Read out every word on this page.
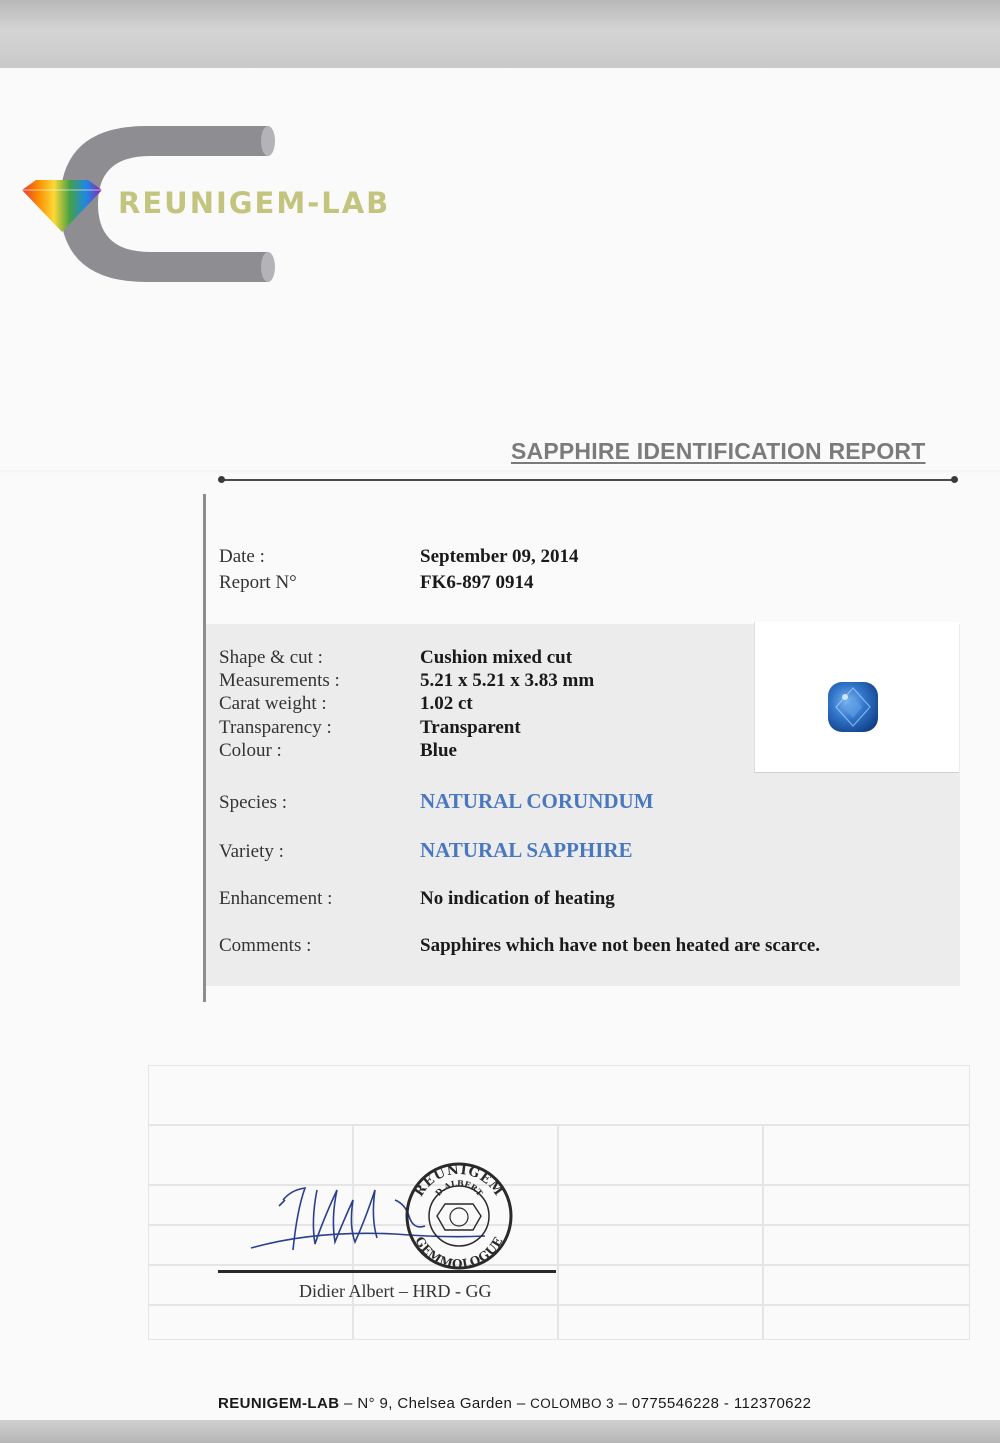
REUNIGEM-LAB
SAPPHIRE IDENTIFICATION REPORT
Date :	September 09, 2014
Report N°	FK6-897 0914
Shape & cut :	Cushion mixed cut
Measurements :	5.21 x 5.21 x 3.83 mm
Carat weight :	1.02 ct
Transparency :	Transparent
Colour :	Blue
Species :	NATURAL CORUNDUM
Variety :	NATURAL SAPPHIRE
Enhancement :	No indication of heating
Comments :	Sapphires which have not been heated are scarce.
REUNIGEM
D.ALBERT
GEMMOLOGUE
Didier Albert – HRD - GG
REUNIGEM-LAB – N° 9, Chelsea Garden – COLOMBO 3 – 0775546228 - 112370622
